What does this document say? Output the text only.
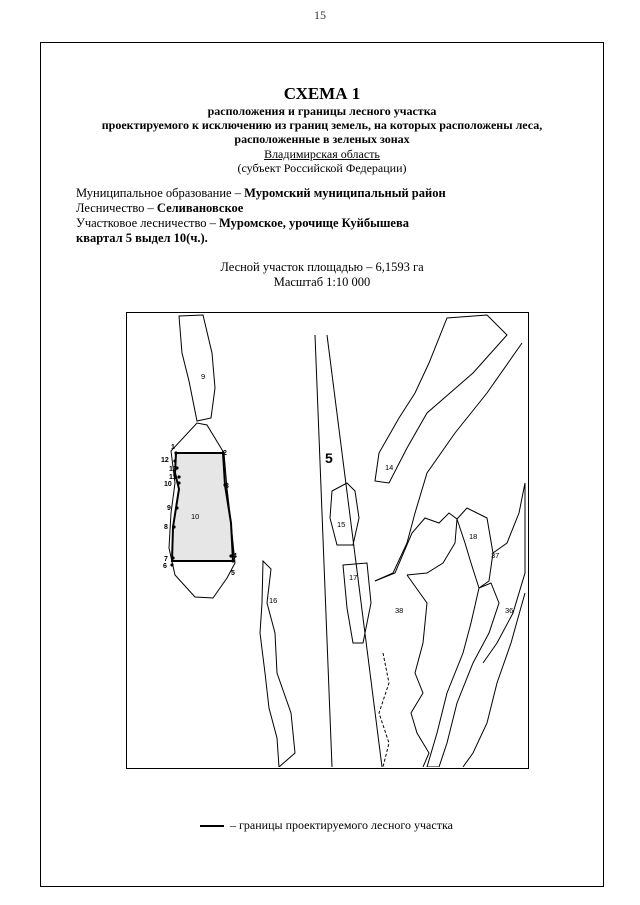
15
СХЕМА 1
расположения и границы лесного участка
проектируемого к исключению из границ земель, на которых расположены леса,
расположенные в зеленых зонах
Владимирская область
(субъект Российской Федерации)
Муниципальное образование – Муромский муниципальный район
Лесничество – Селивановское
Участковое лесничество – Муромское, урочище Куйбышева
квартал 5 выдел 10(ч.).
Лесной участок площадью – 6,1593 га
Масштаб 1:10 000
5
9
10
14
15
16
17
18
36
37
38
1
2
3
4
5
6
7
8
9
10
11
12
13
– границы проектируемого лесного участка
